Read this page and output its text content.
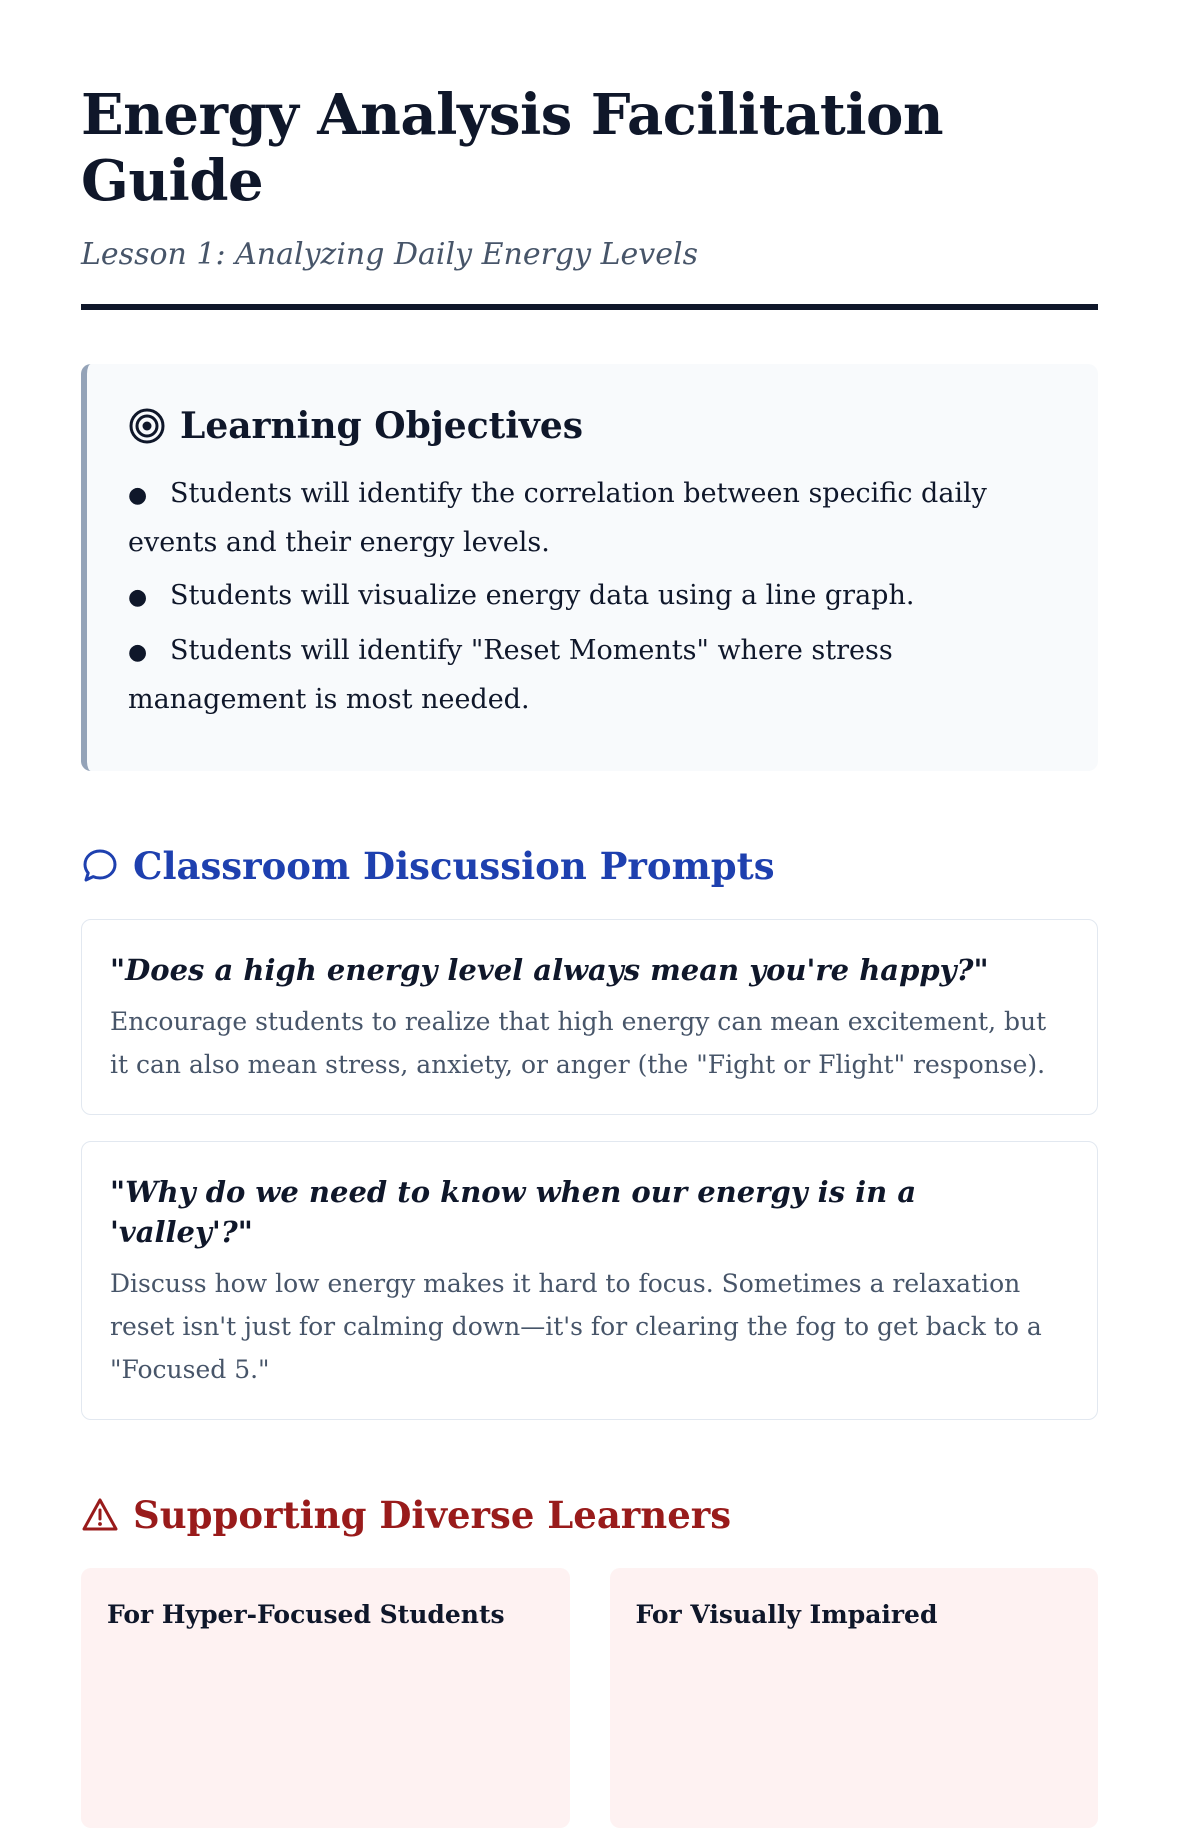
Energy Analysis Facilitation Guide

Lesson 1: Analyzing Daily Energy Levels

Learning Objectives
● Students will identify the correlation between specific daily events and their energy levels.
● Students will visualize energy data using a line graph.
● Students will identify "Reset Moments" where stress management is most needed.
Classroom Discussion Prompts

"Does a high energy level always mean you're happy?"

Encourage students to realize that high energy can mean excitement, but it can also mean stress, anxiety, or anger (the "Fight or Flight" response).

"Why do we need to know when our energy is in a 'valley'?"

Discuss how low energy makes it hard to focus. Sometimes a relaxation reset isn't just for calming down—it's for clearing the fog to get back to a "Focused 5."

Supporting Diverse Learners
For Hyper-Focused Students	For Visually Impaired
